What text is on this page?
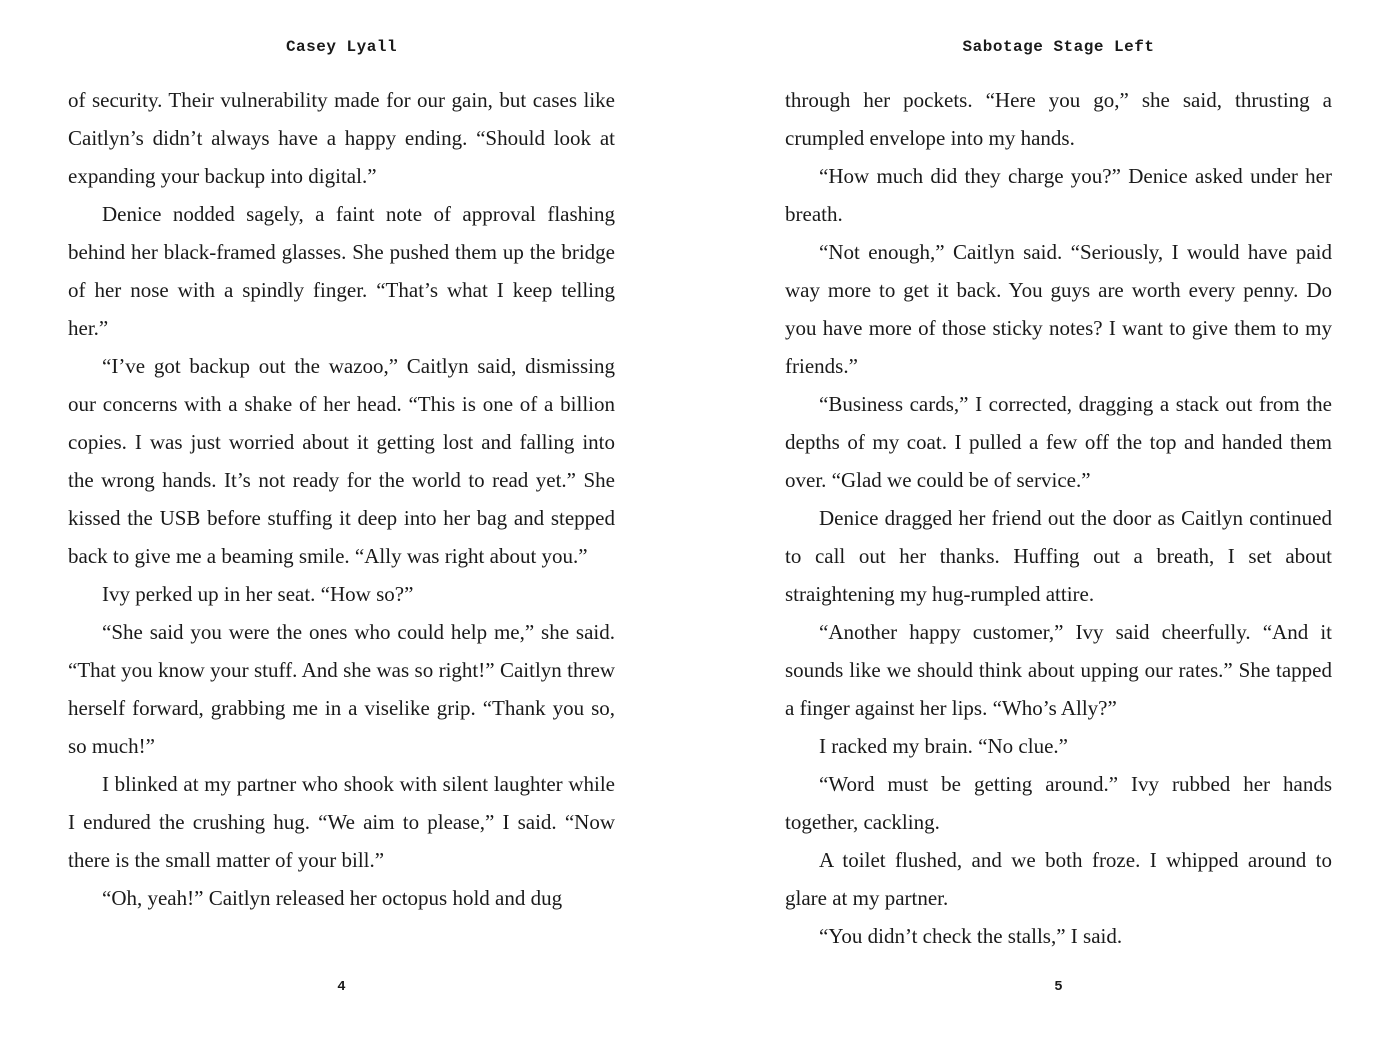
Casey Lyall

of security. Their vulnerability made for our gain, but cases like Caitlyn’s didn’t always have a happy ending. “Should look at expanding your backup into digital.”

Denice nodded sagely, a faint note of approval flashing behind her black-framed glasses. She pushed them up the bridge of her nose with a spindly finger. “That’s what I keep telling her.”

“I’ve got backup out the wazoo,” Caitlyn said, dismissing our concerns with a shake of her head. “This is one of a billion copies. I was just worried about it getting lost and falling into the wrong hands. It’s not ready for the world to read yet.” She kissed the USB before stuffing it deep into her bag and stepped back to give me a beaming smile. “Ally was right about you.”

Ivy perked up in her seat. “How so?”

“She said you were the ones who could help me,” she said. “That you know your stuff. And she was so right!” Caitlyn threw herself forward, grabbing me in a viselike grip. “Thank you so, so much!”

I blinked at my partner who shook with silent laughter while I endured the crushing hug. “We aim to please,” I said. “Now there is the small matter of your bill.”

“Oh, yeah!” Caitlyn released her octopus hold and dug

4
Sabotage Stage Left

through her pockets. “Here you go,” she said, thrusting a crumpled envelope into my hands.

“How much did they charge you?” Denice asked under her breath.

“Not enough,” Caitlyn said. “Seriously, I would have paid way more to get it back. You guys are worth every penny. Do you have more of those sticky notes? I want to give them to my friends.”

“Business cards,” I corrected, dragging a stack out from the depths of my coat. I pulled a few off the top and handed them over. “Glad we could be of service.”

Denice dragged her friend out the door as Caitlyn continued to call out her thanks. Huffing out a breath, I set about straightening my hug-rumpled attire.

“Another happy customer,” Ivy said cheerfully. “And it sounds like we should think about upping our rates.” She tapped a finger against her lips. “Who’s Ally?”

I racked my brain. “No clue.”

“Word must be getting around.” Ivy rubbed her hands together, cackling.

A toilet flushed, and we both froze. I whipped around to glare at my partner.

“You didn’t check the stalls,” I said.

5
